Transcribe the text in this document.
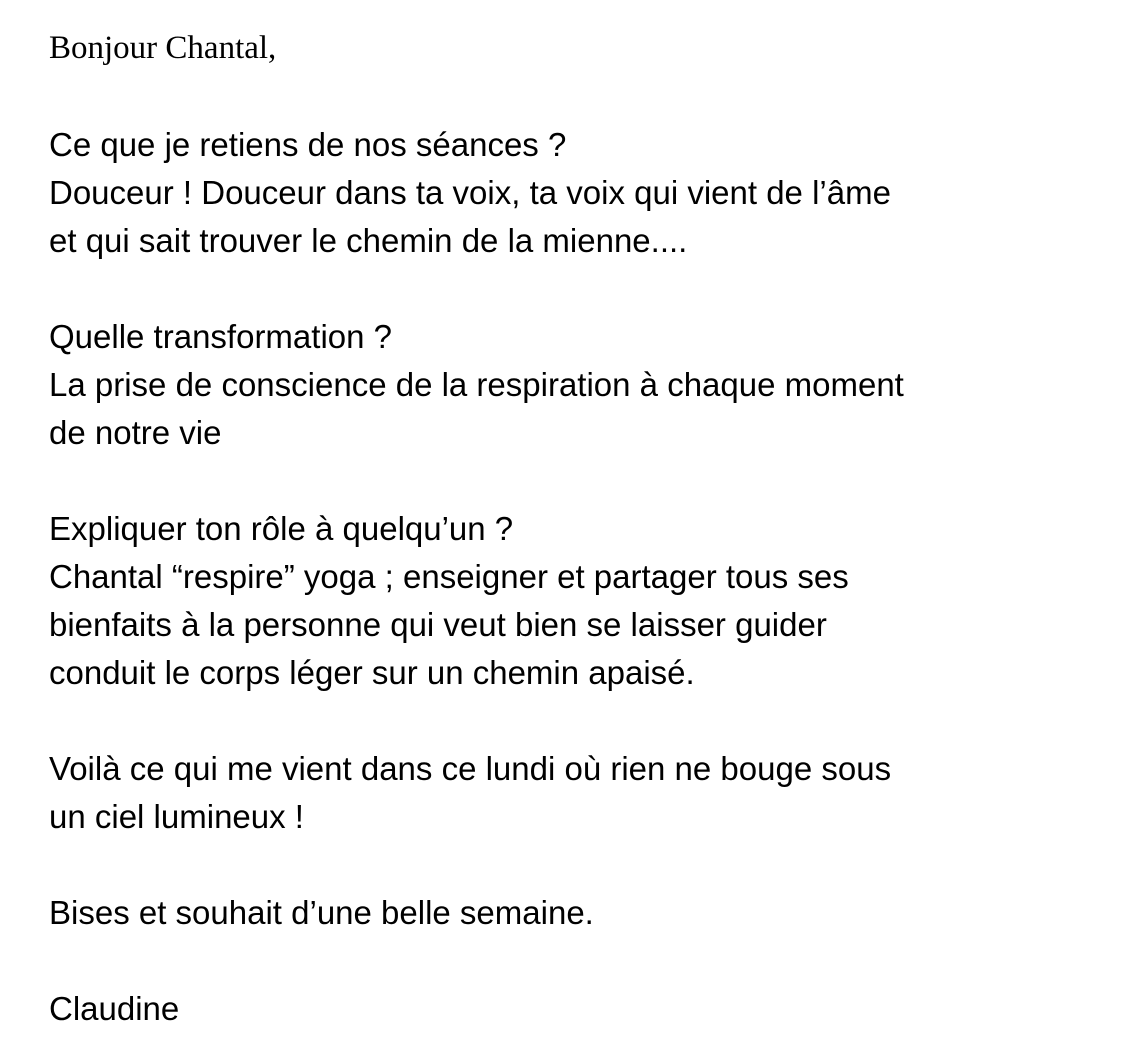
Bonjour Chantal,

Ce que je retiens de nos séances ?
Douceur ! Douceur dans ta voix, ta voix qui vient de l’âme
et qui sait trouver le chemin de la mienne....
Quelle transformation ?
La prise de conscience de la respiration à chaque moment
de notre vie
Expliquer ton rôle à quelqu’un ?
Chantal “respire” yoga ; enseigner et partager tous ses
bienfaits à la personne qui veut bien se laisser guider
conduit le corps léger sur un chemin apaisé.
Voilà ce qui me vient dans ce lundi où rien ne bouge sous
un ciel lumineux !
Bises et souhait d’une belle semaine.
Claudine
